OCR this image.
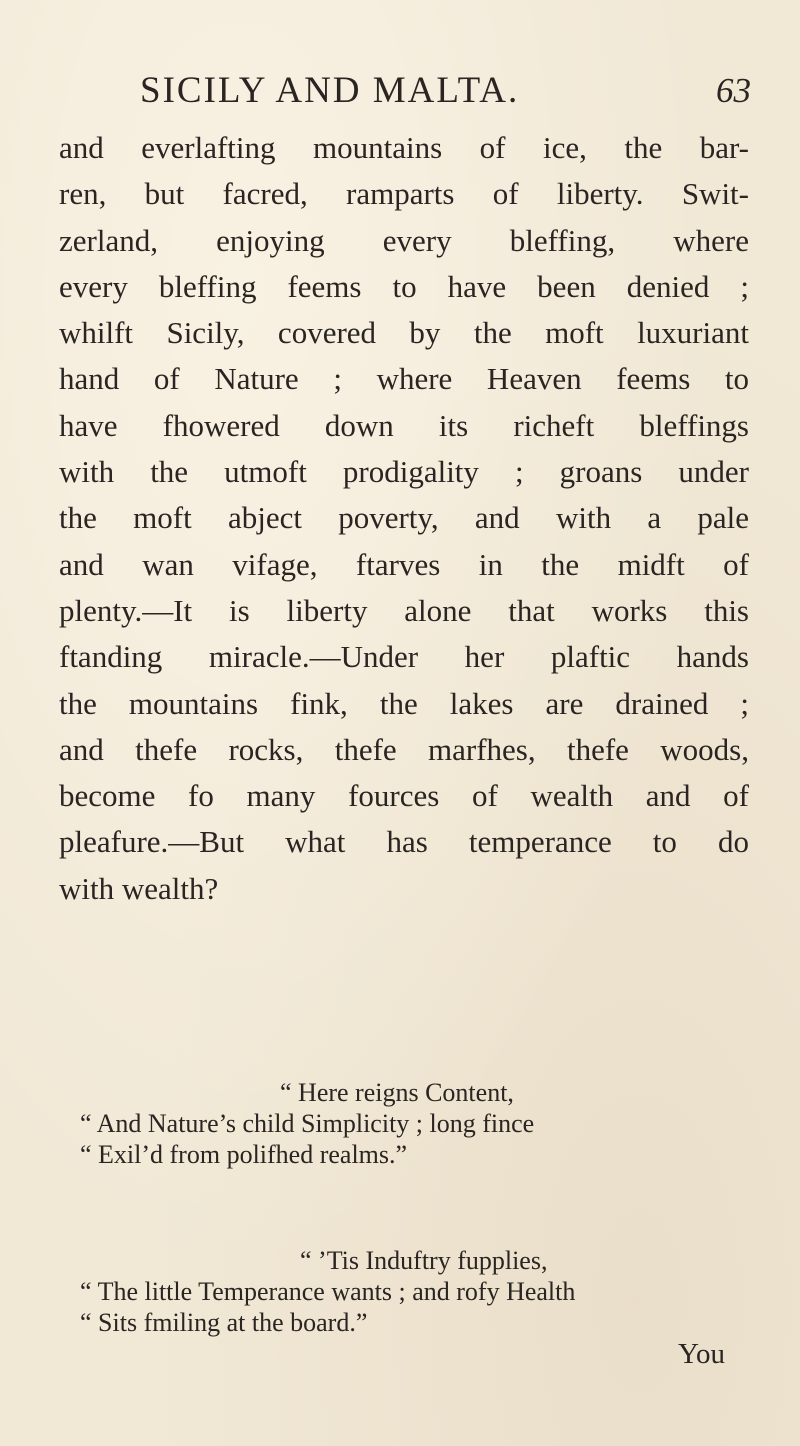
SICILY AND MALTA.	63
and everlafting mountains of ice, the bar-
ren, but facred, ramparts of liberty. Swit-
zerland, enjoying every bleffing, where
every bleffing feems to have been denied ;
whilft Sicily, covered by the moft luxuriant
hand of Nature ; where Heaven feems to
have fhowered down its richeft bleffings
with the utmoft prodigality ; groans under
the moft abject poverty, and with a pale
and wan vifage, ftarves in the midft of
plenty.—It is liberty alone that works this
ftanding miracle.—Under her plaftic hands
the mountains fink, the lakes are drained ;
and thefe rocks, thefe marfhes, thefe woods,
become fo many fources of wealth and of
pleafure.—But what has temperance to do
with wealth?
“ Here reigns Content,
“ And Nature’s child Simplicity ; long fince
“ Exil’d from polifhed realms.”
“ ’Tis Induftry fupplies,
“ The little Temperance wants ; and rofy Health
“ Sits fmiling at the board.”
You
